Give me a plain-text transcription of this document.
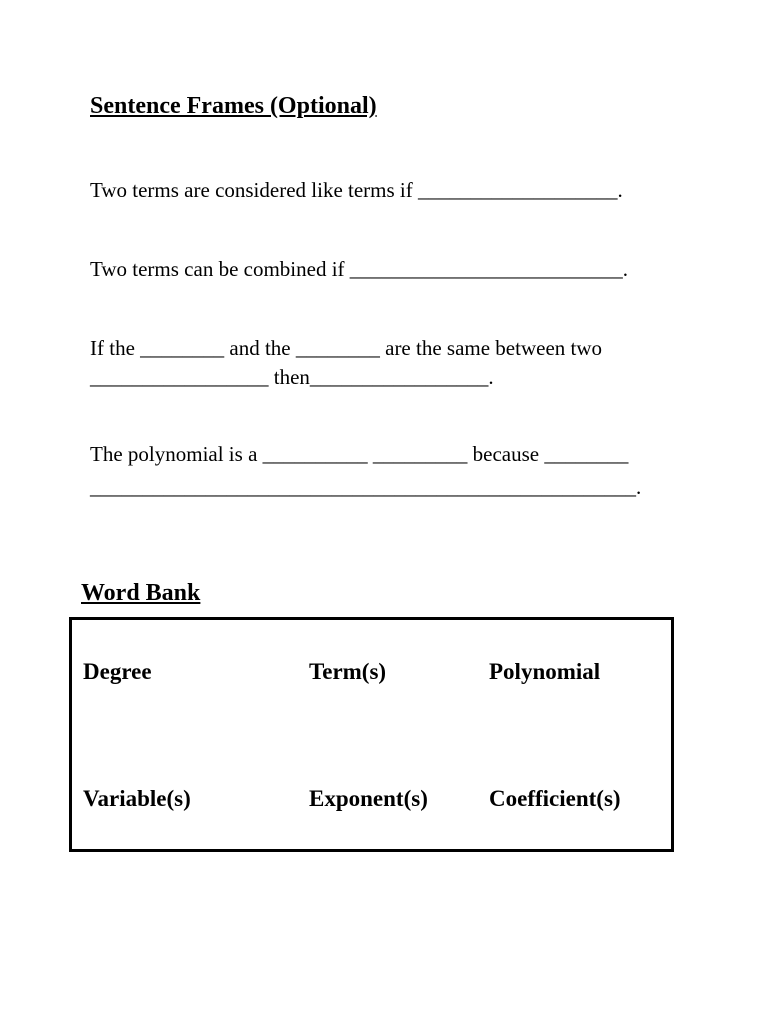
Sentence Frames (Optional)

Two terms are considered like terms if ___________________.

Two terms can be combined if __________________________.

If the ________ and the ________ are the same between two
_________________ then_________________.

The polynomial is a __________ _________ because ________
____________________________________________________.

Word Bank
Degree	Term(s)	Polynomial
Variable(s)	Exponent(s)	Coefficient(s)
